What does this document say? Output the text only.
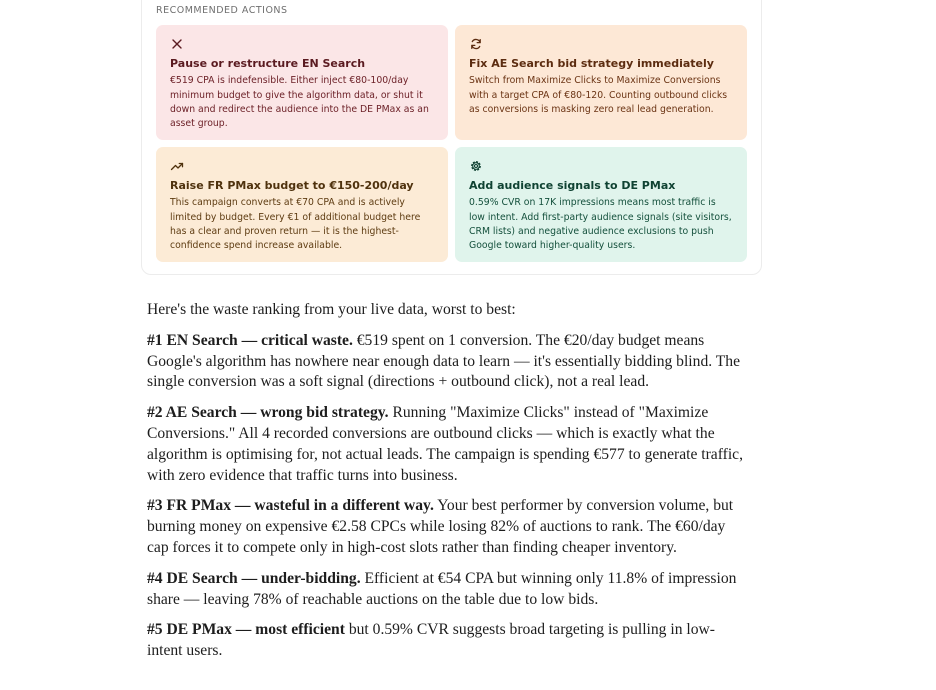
RECOMMENDED ACTIONS
Pause or restructure EN Search
€519 CPA is indefensible. Either inject €80-100/day minimum budget to give the algorithm data, or shut it down and redirect the audience into the DE PMax as an asset group.
Fix AE Search bid strategy immediately
Switch from Maximize Clicks to Maximize Conversions with a target CPA of €80-120. Counting outbound clicks as conversions is masking zero real lead generation.
Raise FR PMax budget to €150-200/day
This campaign converts at €70 CPA and is actively limited by budget. Every €1 of additional budget here has a clear and proven return — it is the highest-confidence spend increase available.
Add audience signals to DE PMax
0.59% CVR on 17K impressions means most traffic is low intent. Add first-party audience signals (site visitors, CRM lists) and negative audience exclusions to push Google toward higher-quality users.

Here's the waste ranking from your live data, worst to best:

#1 EN Search — critical waste. €519 spent on 1 conversion. The €20/day budget means Google's algorithm has nowhere near enough data to learn — it's essentially bidding blind. The single conversion was a soft signal (directions + outbound click), not a real lead.

#2 AE Search — wrong bid strategy. Running "Maximize Clicks" instead of "Maximize Conversions." All 4 recorded conversions are outbound clicks — which is exactly what the algorithm is optimising for, not actual leads. The campaign is spending €577 to generate traffic, with zero evidence that traffic turns into business.

#3 FR PMax — wasteful in a different way. Your best performer by conversion volume, but burning money on expensive €2.58 CPCs while losing 82% of auctions to rank. The €60/day cap forces it to compete only in high-cost slots rather than finding cheaper inventory.

#4 DE Search — under-bidding. Efficient at €54 CPA but winning only 11.8% of impression share — leaving 78% of reachable auctions on the table due to low bids.

#5 DE PMax — most efficient but 0.59% CVR suggests broad targeting is pulling in low-intent users.
